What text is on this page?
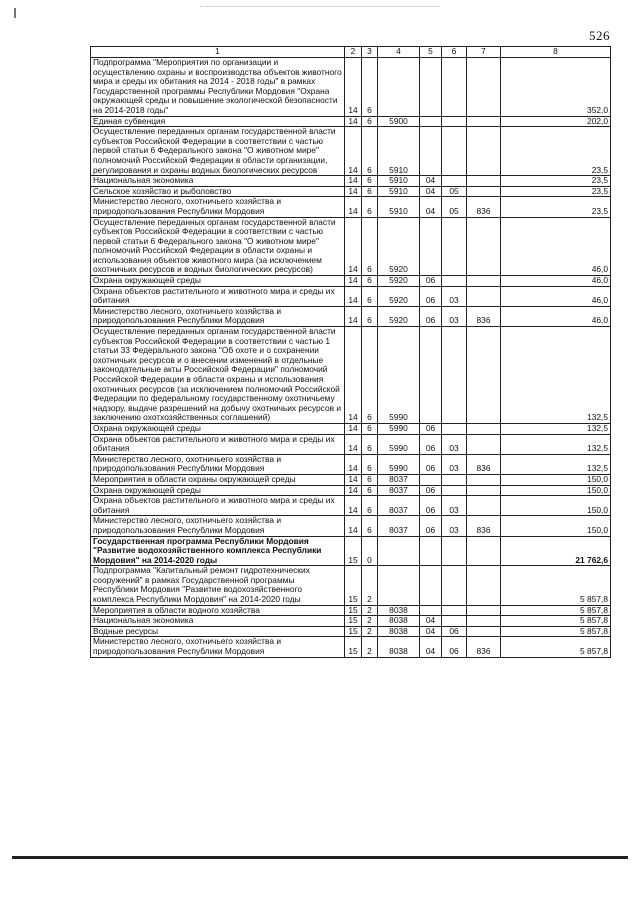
526
1	2	3	4	5	6	7	8
Подпрограмма "Мероприятия по организации и осуществлению охраны и воспроизводства объектов животного мира и среды их обитания на 2014 - 2018 годы" в рамках Государственной программы Республики Мордовия "Охрана окружающей среды и повышение экологической безопасности на 2014-2018 годы"	14	6					352,0
Единая субвенция	14	6	5900				202,0
Осуществление переданных органам государственной власти субъектов Российской Федерации в соответствии с частью первой статьи 6 Федерального закона "О животном мире" полномочий Российской Федерации в области организации, регулирования и охраны водных биологических ресурсов	14	6	5910				23,5
Национальная экономика	14	6	5910	04			23,5
Сельское хозяйство и рыболовство	14	6	5910	04	05		23,5
Министерство лесного, охотничьего хозяйства и природопользования Республики Мордовия	14	6	5910	04	05	836	23,5
Осуществление переданных органам государственной власти субъектов Российской Федерации в соответствии с частью первой статьи 6 Федерального закона "О животном мире" полномочий Российской Федерации в области охраны и использования объектов животного мира (за исключением охотничьих ресурсов и водных биологических ресурсов)	14	6	5920				46,0
Охрана окружающей среды	14	6	5920	06			46,0
Охрана объектов растительного и животного мира и среды их обитания	14	6	5920	06	03		46,0
Министерство лесного, охотничьего хозяйства и природопользования Республики Мордовия	14	6	5920	06	03	836	46,0
Осуществление переданных органам государственной власти субъектов Российской Федерации в соответствии с частью 1 статьи 33 Федерального закона "Об охоте и о сохранении охотничьих ресурсов и о внесении изменений в отдельные законодательные акты Российской Федерации" полномочий Российской Федерации в области охраны и использования охотничьих ресурсов (за исключением полномочий Российской Федерации по федеральному государственному охотничьему надзору, выдаче разрешений на добычу охотничьих ресурсов и заключению охотхозяйственных соглашений)	14	6	5990				132,5
Охрана окружающей среды	14	6	5990	06			132,5
Охрана объектов растительного и животного мира и среды их обитания	14	6	5990	06	03		132,5
Министерство лесного, охотничьего хозяйства и природопользования Республики Мордовия	14	6	5990	06	03	836	132,5
Мероприятия в области охраны окружающей среды	14	6	8037				150,0
Охрана окружающей среды	14	6	8037	06			150,0
Охрана объектов растительного и животного мира и среды их обитания	14	6	8037	06	03		150,0
Министерство лесного, охотничьего хозяйства и природопользования Республики Мордовия	14	6	8037	06	03	836	150,0
Государственная программа Республики Мордовия "Развитие водохозяйственного комплекса Республики Мордовия" на 2014-2020 годы	15	0					21 762,6
Подпрограмма "Капитальный ремонт гидротехнических сооружений" в рамках Государственной программы Республики Мордовия "Развитие водохозяйственного комплекса Республики Мордовия" на 2014-2020 годы	15	2					5 857,8
Мероприятия в области водного хозяйства	15	2	8038				5 857,8
Национальная экономика	15	2	8038	04			5 857,8
Водные ресурсы	15	2	8038	04	06		5 857,8
Министерство лесного, охотничьего хозяйства и природопользования Республики Мордовия	15	2	8038	04	06	836	5 857,8
